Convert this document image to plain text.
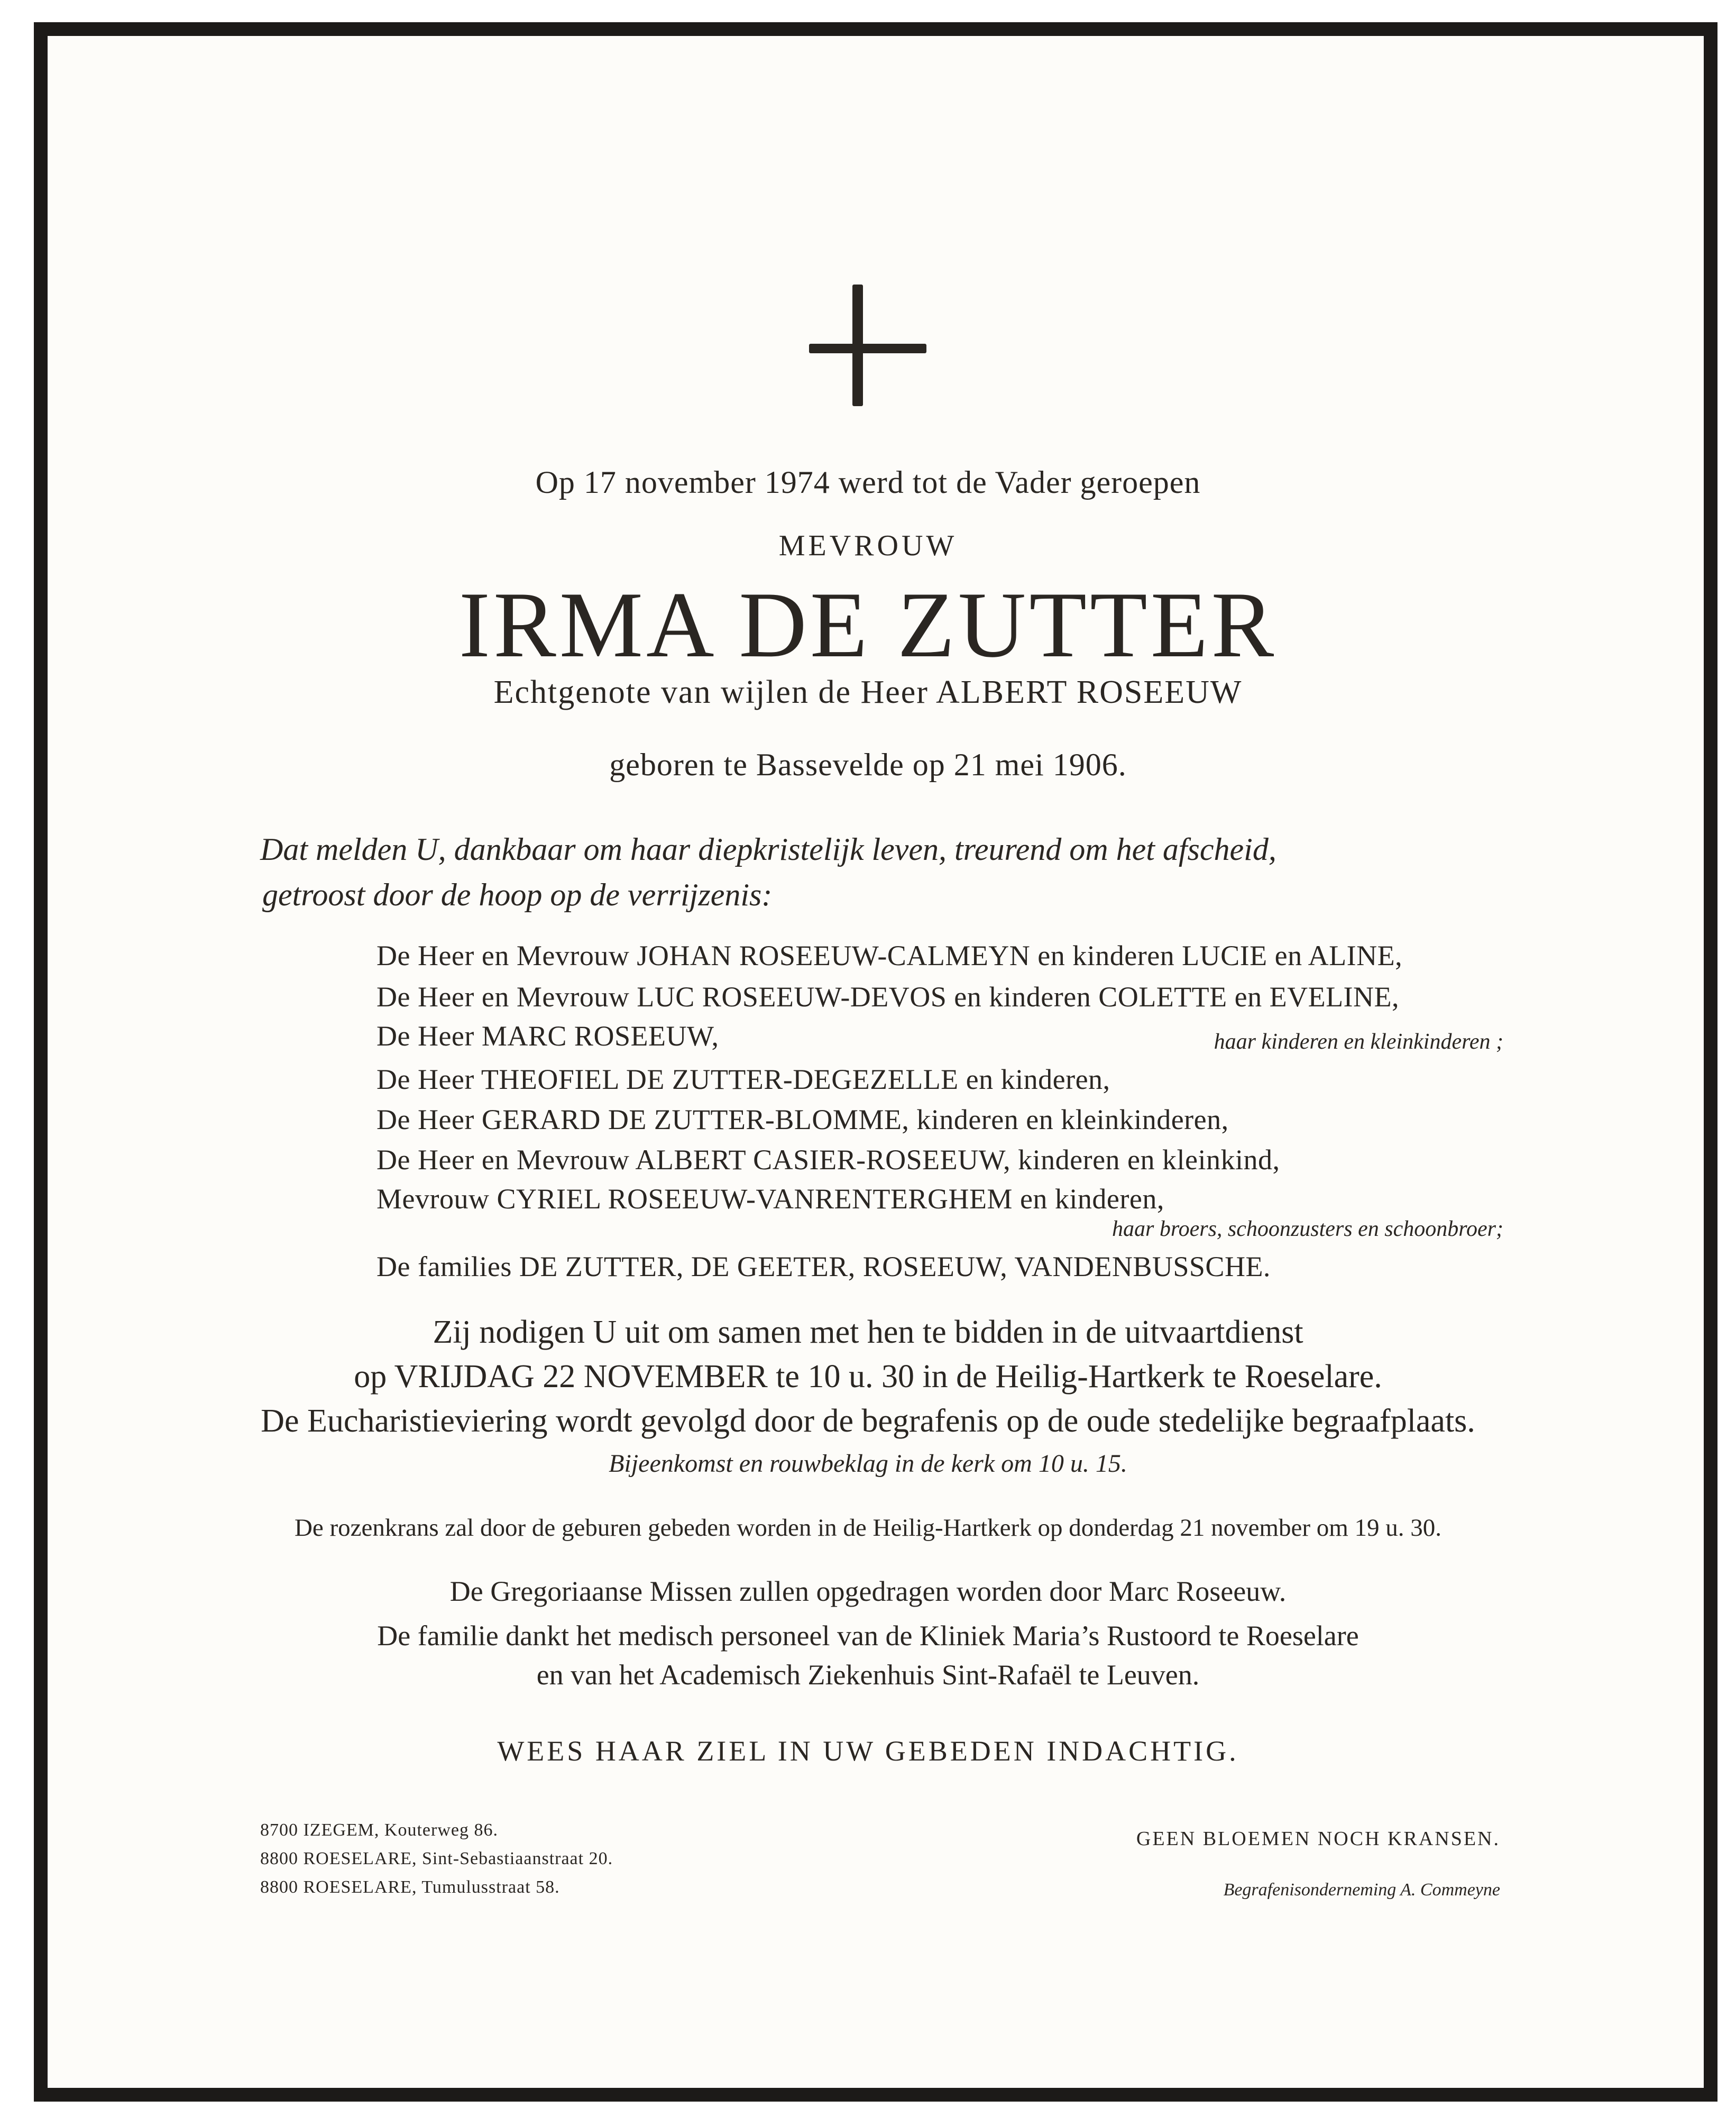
Op 17 november 1974 werd tot de Vader geroepen
MEVROUW
IRMA DE ZUTTER
Echtgenote van wijlen de Heer ALBERT ROSEEUW
geboren te Bassevelde op 21 mei 1906.
Dat melden U, dankbaar om haar diepkristelijk leven, treurend om het afscheid,
getroost door de hoop op de verrijzenis:
De Heer en Mevrouw JOHAN ROSEEUW-CALMEYN en kinderen LUCIE en ALINE,
De Heer en Mevrouw LUC ROSEEUW-DEVOS en kinderen COLETTE en EVELINE,
De Heer MARC ROSEEUW,	haar kinderen en kleinkinderen ;
De Heer THEOFIEL DE ZUTTER-DEGEZELLE en kinderen,
De Heer GERARD DE ZUTTER-BLOMME, kinderen en kleinkinderen,
De Heer en Mevrouw ALBERT CASIER-ROSEEUW, kinderen en kleinkind,
Mevrouw CYRIEL ROSEEUW-VANRENTERGHEM en kinderen,
haar broers, schoonzusters en schoonbroer;
De families DE ZUTTER, DE GEETER, ROSEEUW, VANDENBUSSCHE.
Zij nodigen U uit om samen met hen te bidden in de uitvaartdienst
op VRIJDAG 22 NOVEMBER te 10 u. 30 in de Heilig-Hartkerk te Roeselare.
De Eucharistieviering wordt gevolgd door de begrafenis op de oude stedelijke begraafplaats.
Bijeenkomst en rouwbeklag in de kerk om 10 u. 15.
De rozenkrans zal door de geburen gebeden worden in de Heilig-Hartkerk op donderdag 21 november om 19 u. 30.
De Gregoriaanse Missen zullen opgedragen worden door Marc Roseeuw.
De familie dankt het medisch personeel van de Kliniek Maria’s Rustoord te Roeselare
en van het Academisch Ziekenhuis Sint-Rafaël te Leuven.
WEES HAAR ZIEL IN UW GEBEDEN INDACHTIG.
8700 IZEGEM, Kouterweg 86.
8800 ROESELARE, Sint-Sebastiaanstraat 20.
8800 ROESELARE, Tumulusstraat 58.
GEEN BLOEMEN NOCH KRANSEN.
Begrafenisonderneming A. Commeyne
